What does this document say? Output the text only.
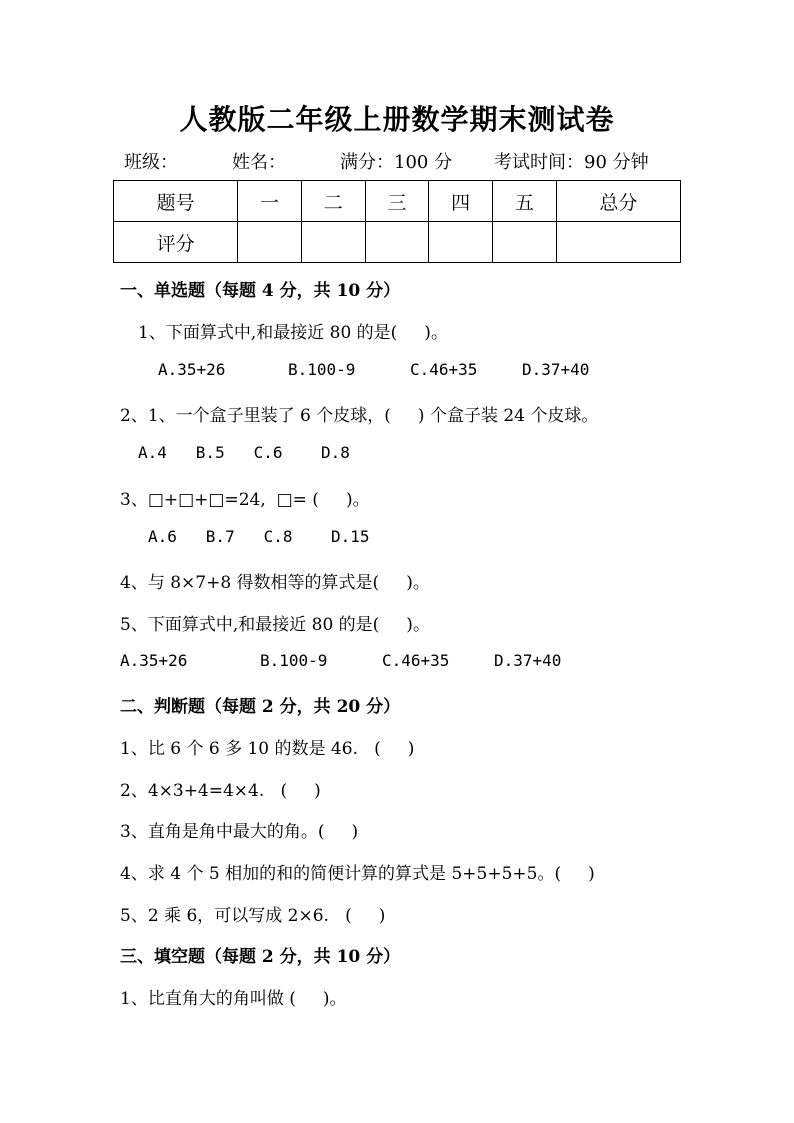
人教版二年级上册数学期末测试卷
班级：	姓名：	满分：100 分 考试时间：90 分钟
题号	一	二	三	四	五	总分
评分						
一、单选题（每题 4 分，共 10 分）
1、下面算式中,和最接近 80 的是(     )。
A.35+26	B.100-9	C.46+35	D.37+40
2、1、一个盒子里装了 6 个皮球，(     ) 个盒子装 24 个皮球。
A.4   B.5   C.6    D.8
3、□+□+□=24,  □= (     )。
A.6   B.7   C.8    D.15
4、与 8×7+8 得数相等的算式是(     )。
5、下面算式中,和最接近 80 的是(     )。
A.35+26	B.100-9	C.46+35	D.37+40
二、判断题（每题 2 分，共 20 分）
1、比 6 个 6 多 10 的数是 46.   (     )
2、4×3+4=4×4.   (     )
3、直角是角中最大的角。(     )
4、求 4 个 5 相加的和的简便计算的算式是 5+5+5+5。(     )
5、2 乘 6，可以写成 2×6.   (     )
三、填空题（每题 2 分，共 10 分）
1、比直角大的角叫做 (     )。
